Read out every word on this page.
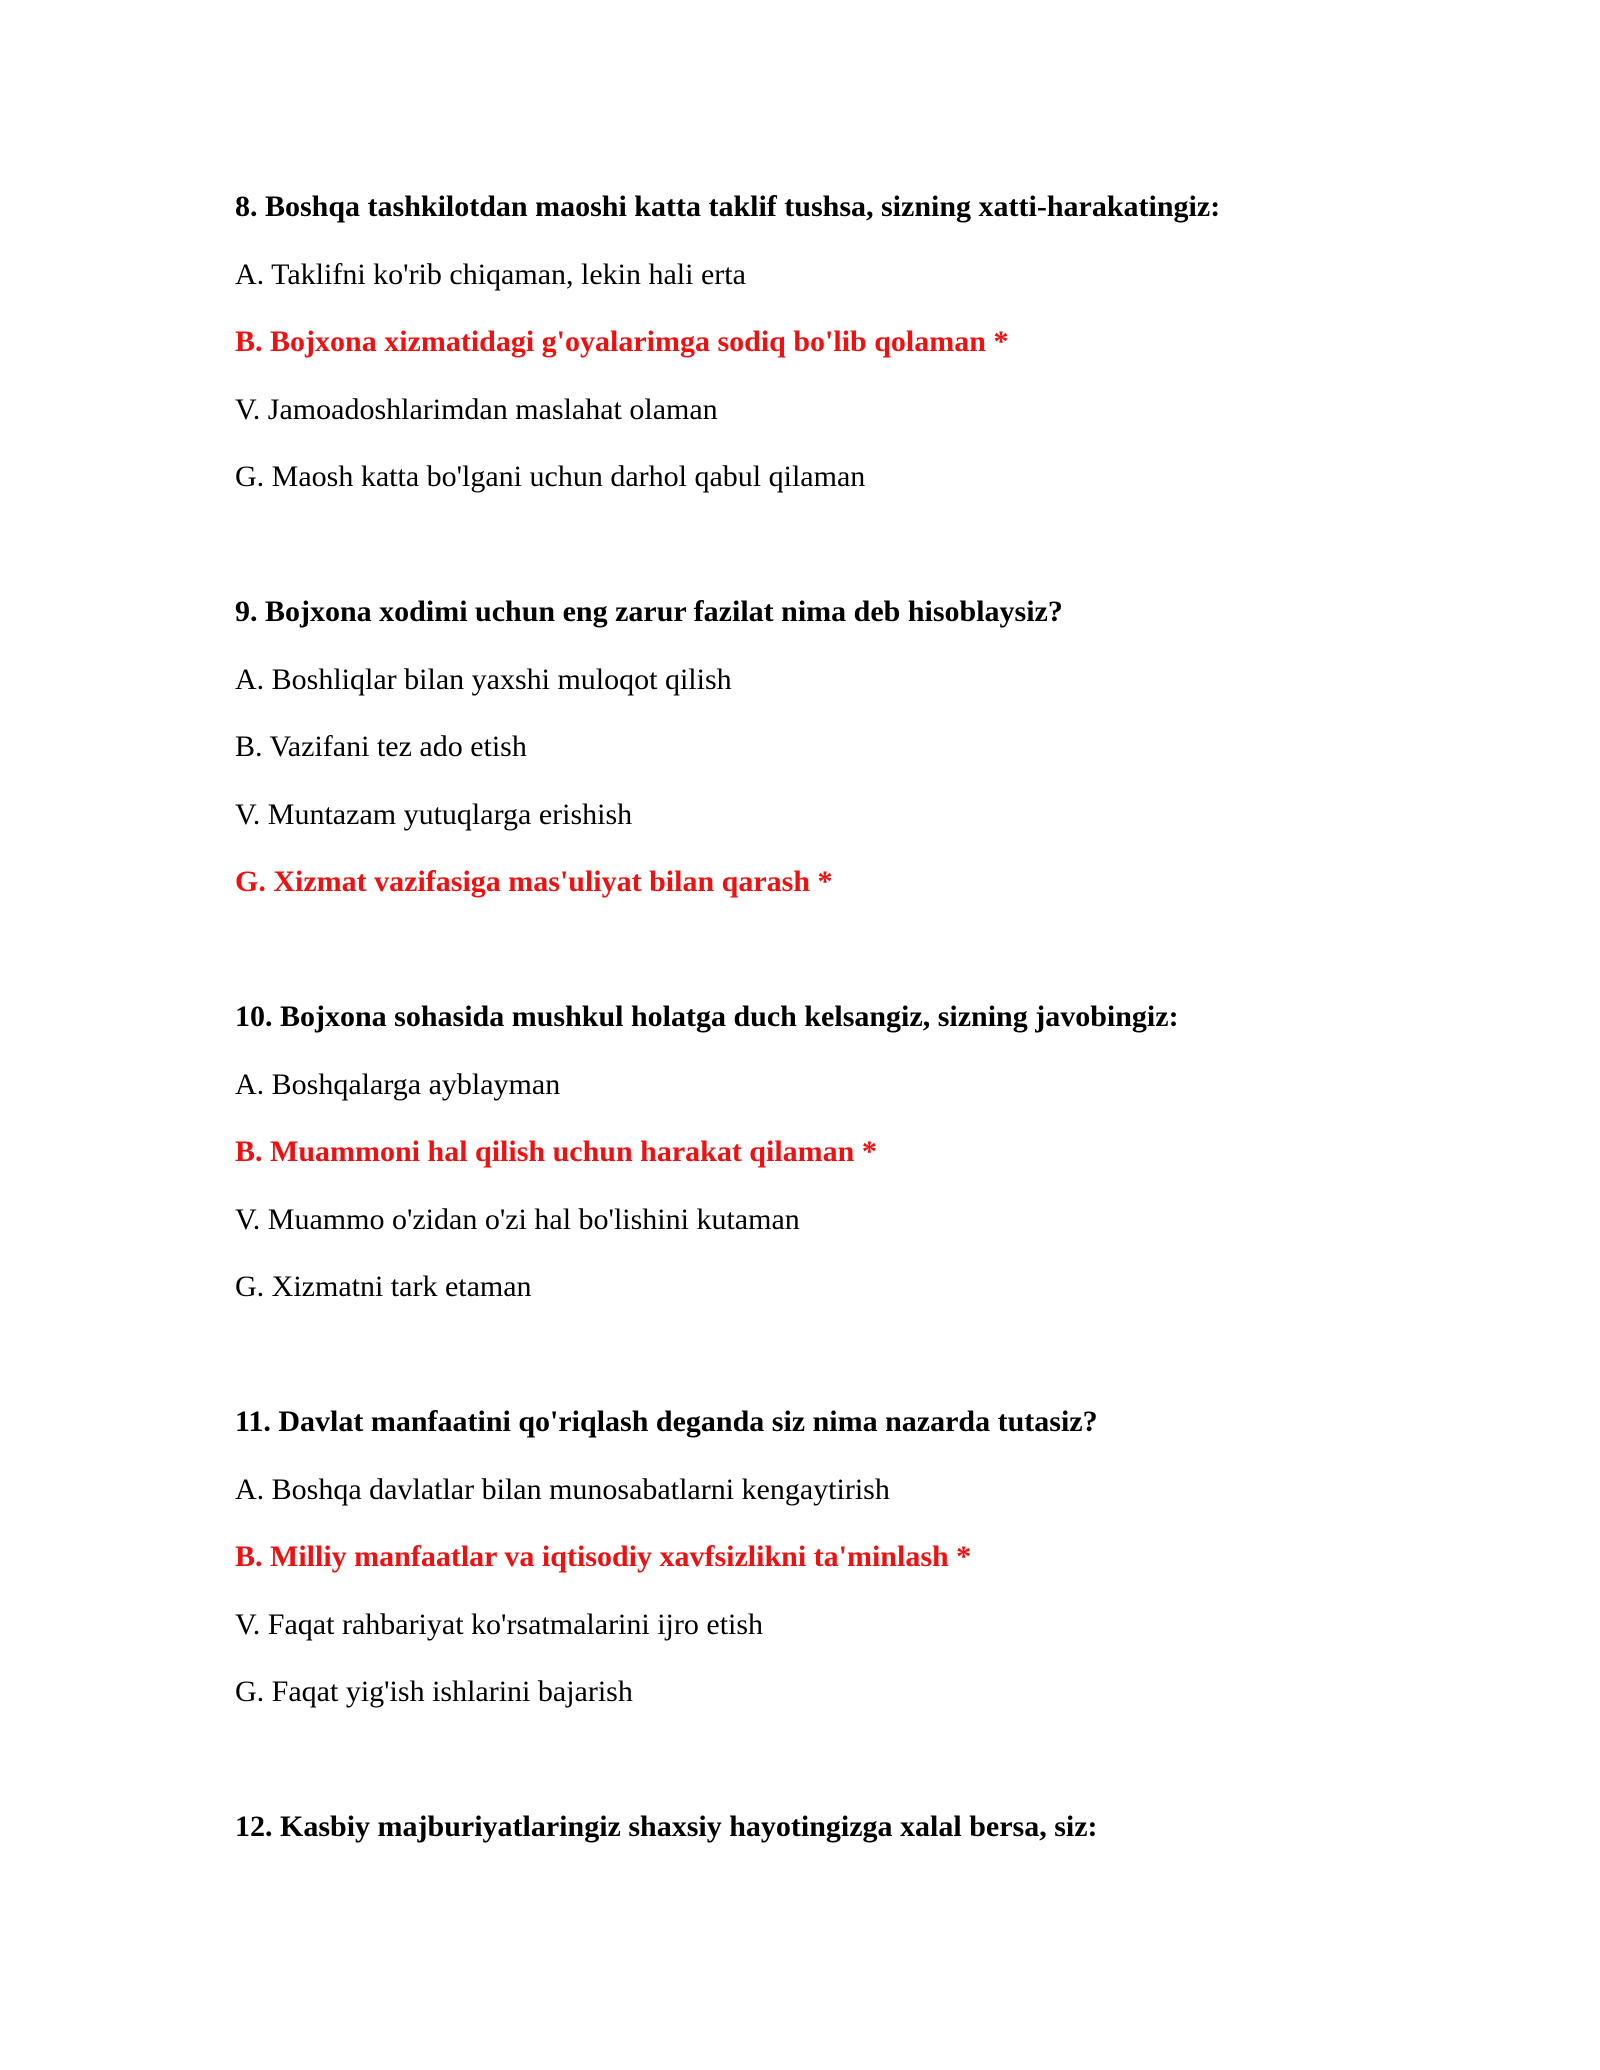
8. Boshqa tashkilotdan maoshi katta taklif tushsa, sizning xatti-harakatingiz:
A. Taklifni ko'rib chiqaman, lekin hali erta
B. Bojxona xizmatidagi g'oyalarimga sodiq bo'lib qolaman *
V. Jamoadoshlarimdan maslahat olaman
G. Maosh katta bo'lgani uchun darhol qabul qilaman
9. Bojxona xodimi uchun eng zarur fazilat nima deb hisoblaysiz?
A. Boshliqlar bilan yaxshi muloqot qilish
B. Vazifani tez ado etish
V. Muntazam yutuqlarga erishish
G. Xizmat vazifasiga mas'uliyat bilan qarash *
10. Bojxona sohasida mushkul holatga duch kelsangiz, sizning javobingiz:
A. Boshqalarga ayblayman
B. Muammoni hal qilish uchun harakat qilaman *
V. Muammo o'zidan o'zi hal bo'lishini kutaman
G. Xizmatni tark etaman
11. Davlat manfaatini qo'riqlash deganda siz nima nazarda tutasiz?
A. Boshqa davlatlar bilan munosabatlarni kengaytirish
B. Milliy manfaatlar va iqtisodiy xavfsizlikni ta'minlash *
V. Faqat rahbariyat ko'rsatmalarini ijro etish
G. Faqat yig'ish ishlarini bajarish
12. Kasbiy majburiyatlaringiz shaxsiy hayotingizga xalal bersa, siz:
